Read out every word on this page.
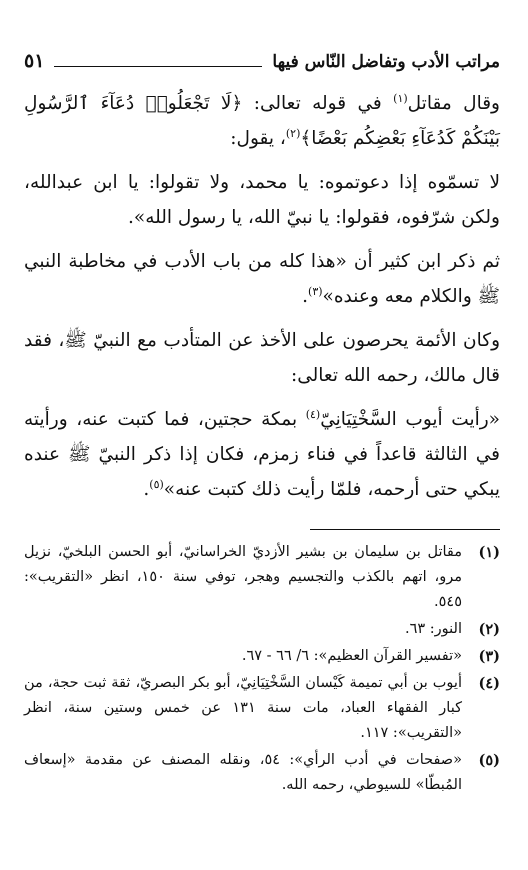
مراتب الأدب وتفاضل النّاس فيها
٥١

وقال مقاتل$^{(١)}$ في قوله تعالى: ﴿لَا تَجْعَلُوا۟ دُعَآءَ ٱلرَّسُولِ بَيْنَكُمْ كَدُعَآءِ بَعْضِكُم بَعْضًا﴾$^{(٢)}$، يقول:

لا تسمّوه إذا دعوتموه: يا محمد، ولا تقولوا: يا ابن عبدالله، ولكن شرّفوه، فقولوا: يا نبيّ الله، يا رسول الله».

ثم ذكر ابن كثير أن «هذا كله من باب الأدب في مخاطبة النبي ﷺ والكلام معه وعنده»$^{(٣)}$.

وكان الأئمة يحرصون على الأخذ عن المتأدب مع النبيّ ﷺ، فقد قال مالك، رحمه الله تعالى:

«رأيت أيوب السَّخْتِيَانِيّ$^{(٤)}$ بمكة حجتين، فما كتبت عنه، ورأيته في الثالثة قاعداً في فناء زمزم، فكان إذا ذكر النبيّ ﷺ عنده يبكي حتى أرحمه، فلمّا رأيت ذلك كتبت عنه»$^{(٥)}$.

(١)
مقاتل بن سليمان بن بشير الأزديّ الخراسانيّ، أبو الحسن البلخيّ، نزيل مرو، اتهم بالكذب والتجسيم وهجر، توفي سنة ١٥٠، انظر «التقريب»: ٥٤٥.
(٢)
النور: ٦٣.
(٣)
«تفسير القرآن العظيم»: ٦/ ٦٦ - ٦٧.
(٤)
أيوب بن أبي تميمة كَيْسان السَّخْتِيَانِيّ، أبو بكر البصريّ، ثقة ثبت حجة، من كبار الفقهاء العباد، مات سنة ١٣١ عن خمس وستين سنة، انظر «التقريب»: ١١٧.
(٥)
«صفحات في أدب الرأي»: ٥٤، ونقله المصنف عن مقدمة «إسعاف المُبطّا» للسيوطي، رحمه الله.
